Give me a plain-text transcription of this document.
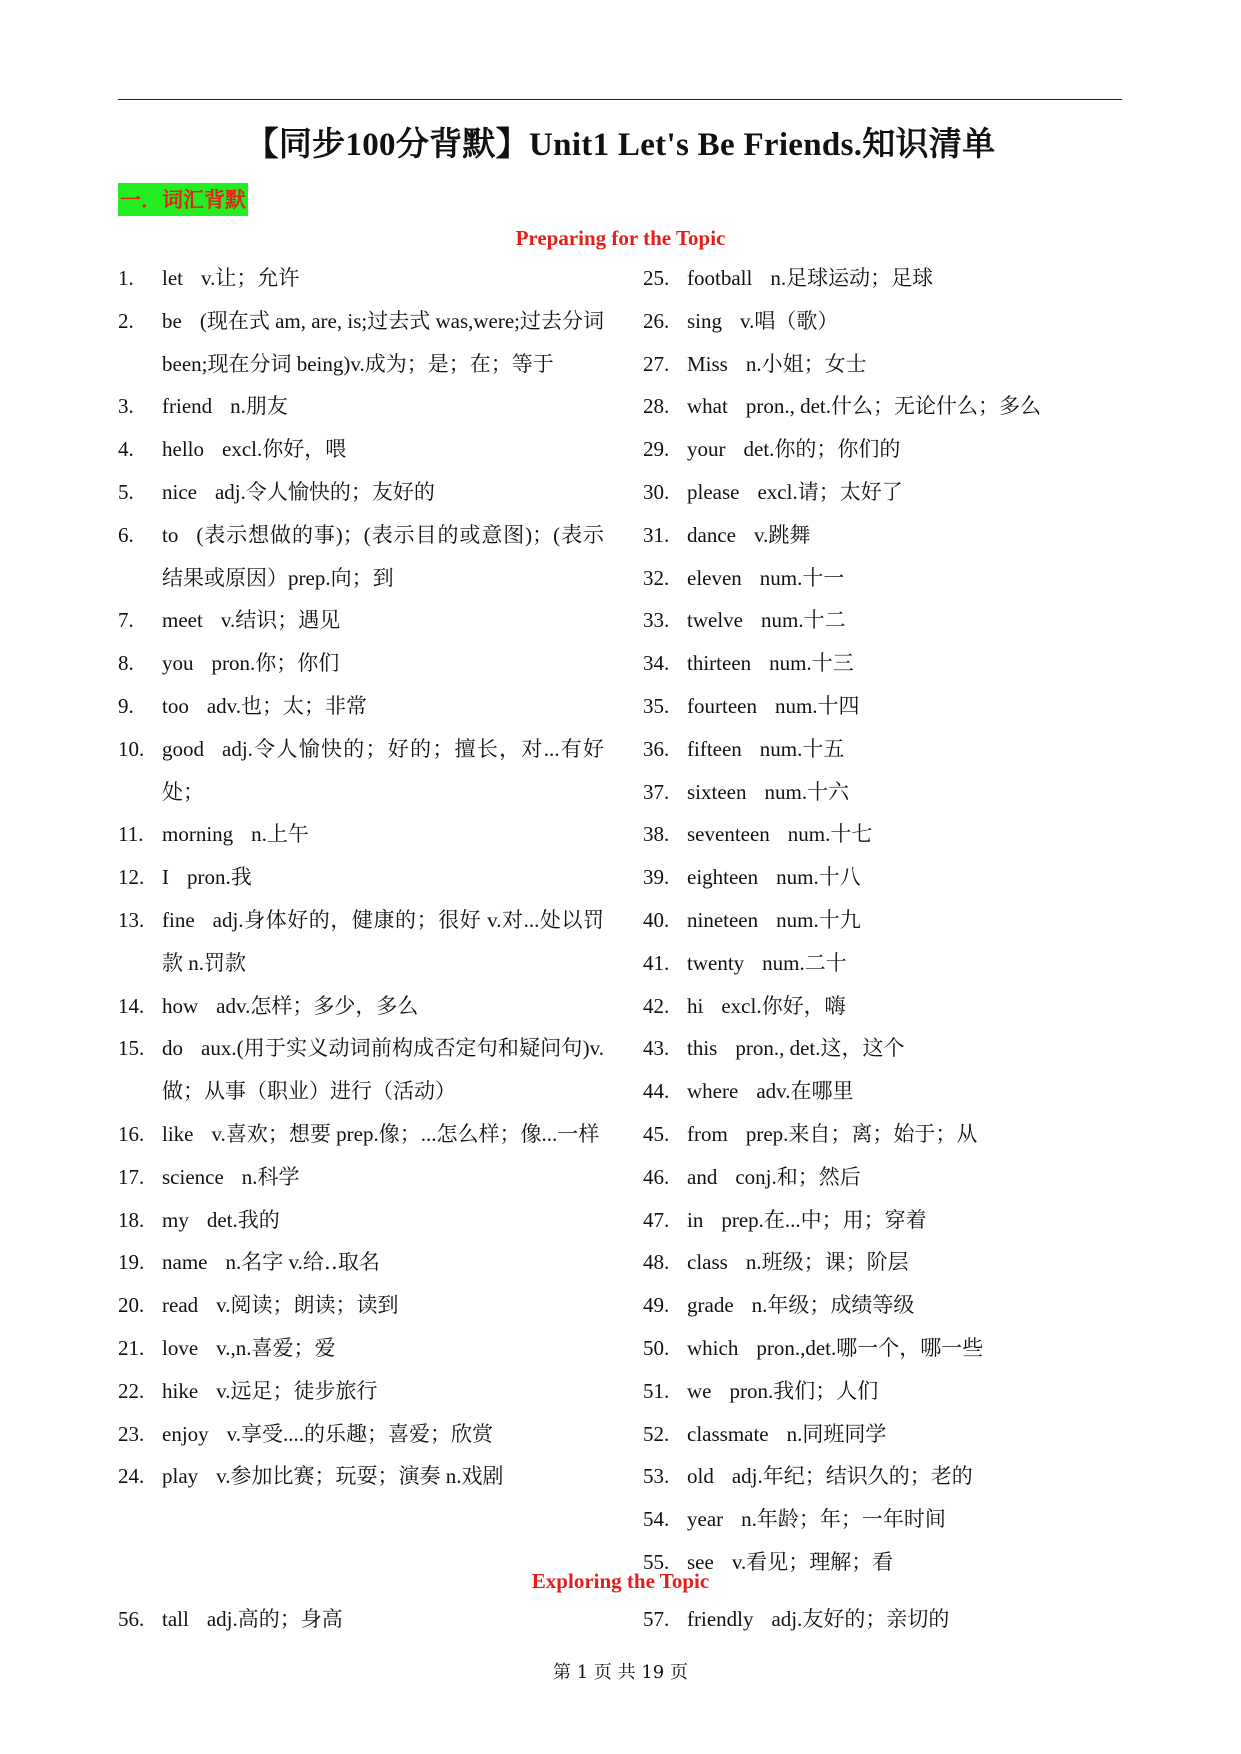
【同步100分背默】Unit1 Let's Be Friends.知识清单
一．词汇背默
Preparing for the Topic
1.	let v.让；允许
2.	be (现在式 am, are, is;过去式 was,were;过去分词 been;现在分词 being)v.成为；是；在；等于
3.	friend n.朋友
4.	hello excl.你好，喂
5.	nice adj.令人愉快的；友好的
6.	to (表示想做的事)；(表示目的或意图)；(表示结果或原因）prep.向；到
7.	meet v.结识；遇见
8.	you pron.你；你们
9.	too adv.也；太；非常
10. good adj.令人愉快的；好的；擅长，对...有好处；
11. morning n.上午
12. I pron.我
13. fine adj.身体好的，健康的；很好 v.对...处以罚款 n.罚款
14. how adv.怎样；多少，多么
15. do aux.(用于实义动词前构成否定句和疑问句)v.做；从事（职业）进行（活动）
16. like v.喜欢；想要 prep.像；...怎么样；像...一样
17. science n.科学
18. my det.我的
19. name n.名字 v.给‥取名
20. read v.阅读；朗读；读到
21. love v.,n.喜爱；爱
22. hike v.远足；徒步旅行
23. enjoy v.享受....的乐趣；喜爱；欣赏
24. play v.参加比赛；玩耍；演奏 n.戏剧
25. football n.足球运动；足球
26. sing v.唱（歌）
27. Miss n.小姐；女士
28. what pron., det.什么；无论什么；多么
29. your det.你的；你们的
30. please excl.请；太好了
31. dance v.跳舞
32. eleven num.十一
33. twelve num.十二
34. thirteen num.十三
35. fourteen num.十四
36. fifteen num.十五
37. sixteen num.十六
38. seventeen num.十七
39. eighteen num.十八
40. nineteen num.十九
41. twenty num.二十
42. hi excl.你好，嗨
43. this pron., det.这，这个
44. where adv.在哪里
45. from prep.来自；离；始于；从
46. and conj.和；然后
47. in prep.在...中；用；穿着
48. class n.班级；课；阶层
49. grade n.年级；成绩等级
50. which pron.,det.哪一个，哪一些
51. we pron.我们；人们
52. classmate n.同班同学
53. old adj.年纪；结识久的；老的
54. year n.年龄；年；一年时间
55. see v.看见；理解；看
Exploring the Topic
56. tall adj.高的；身高	57. friendly adj.友好的；亲切的
第 1 页 共 19 页
